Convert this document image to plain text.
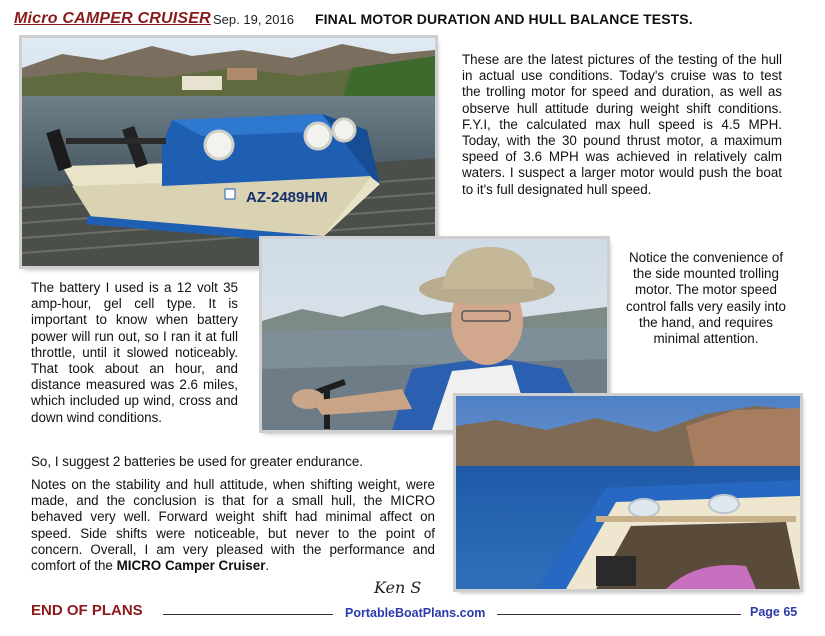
Micro CAMPER CRUISER Sep. 19, 2016 FINAL MOTOR DURATION AND HULL BALANCE TESTS.
AZ-2489HM
These are the latest pictures of the testing of the hull in actual use conditions. Today's cruise was to test the trolling motor for speed and duration, as well as observe hull attitude during weight shift conditions. F.Y.I, the calculated max hull speed is 4.5 MPH. Today, with the 30 pound thrust motor, a maximum speed of 3.6 MPH was achieved in relatively calm waters. I suspect a larger motor would push the boat to it's full designated hull speed.
The battery I used is a 12 volt 35 amp-hour, gel cell type. It is important to know when battery power will run out, so I ran it at full throttle, until it slowed noticeably. That took about an hour, and distance measured was 2.6 miles, which included up wind, cross and down wind conditions.
So, I suggest 2 batteries be used for greater endurance.
Notes on the stability and hull attitude, when shifting weight, were made, and the conclusion is that for a small hull, the MICRO behaved very well. Forward weight shift had minimal affect on speed. Side shifts were noticeable, but never to the point of concern. Overall, I am very pleased with the performance and comfort of the MICRO Camper Cruiser.
Notice the convenience of the side mounted trolling motor. The motor speed control falls very easily into the hand, and requires minimal attention.
Ken S
END OF PLANS	PortableBoatPlans.com	Page 65
